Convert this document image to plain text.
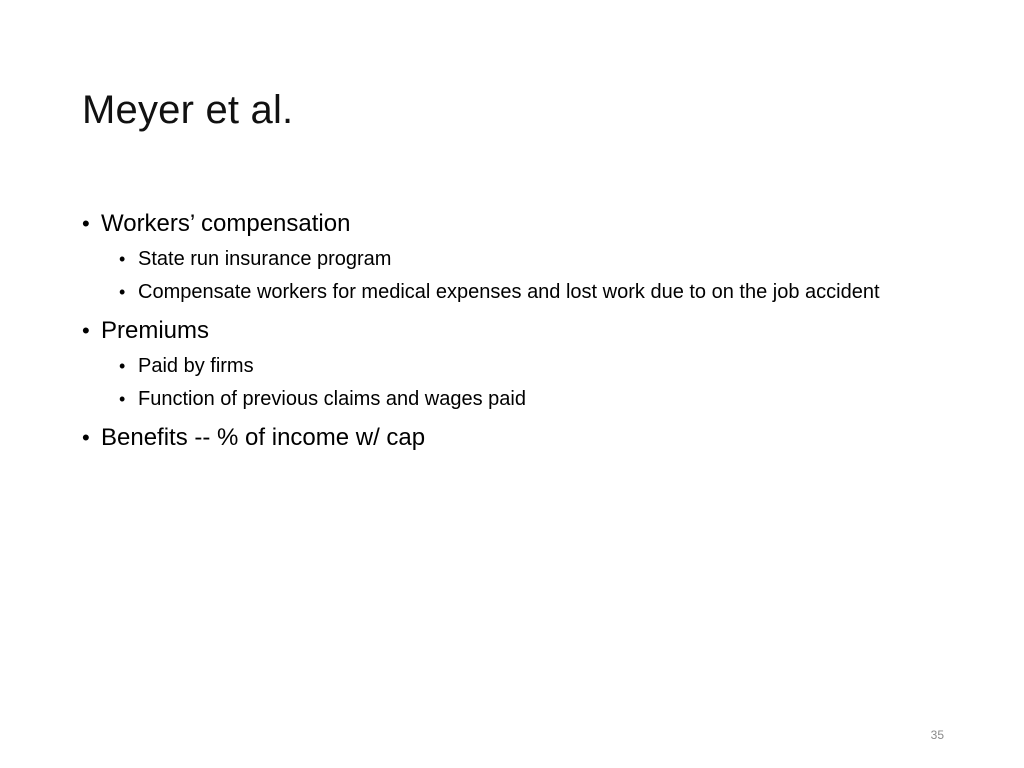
Meyer et al.
• Workers’ compensation
• State run insurance program
• Compensate workers for medical expenses and lost work due to on the job accident
• Premiums
• Paid by firms
• Function of previous claims and wages paid
• Benefits -- % of income w/ cap
35
